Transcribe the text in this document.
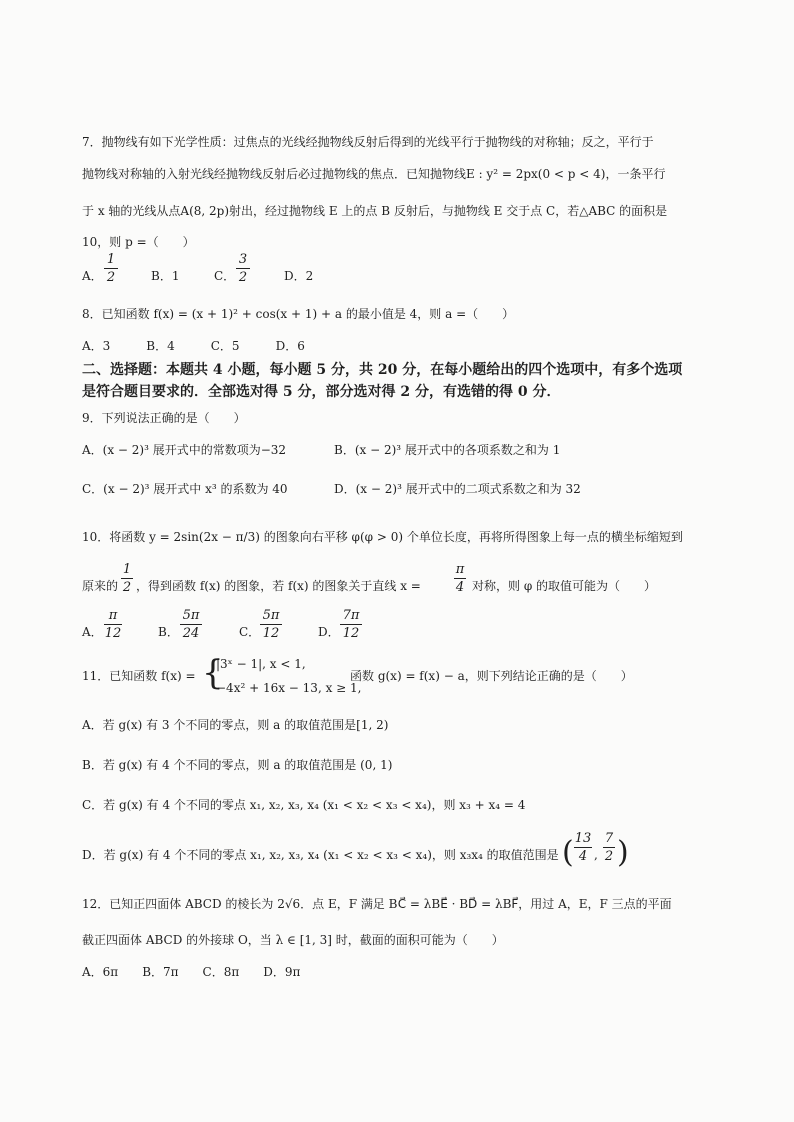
7．抛物线有如下光学性质：过焦点的光线经抛物线反射后得到的光线平行于抛物线的对称轴；反之，平行于
抛物线对称轴的入射光线经抛物线反射后必过抛物线的焦点．已知抛物线E : y² = 2px(0 < p < 4)，一条平行
于 x 轴的光线从点A(8, 2p)射出，经过抛物线 E 上的点 B 反射后，与抛物线 E 交于点 C，若△ABC 的面积是
10，则 p =（　　）
A．
1
2	B．1	C．
3
2	D．2
8．已知函数 f(x) = (x + 1)² + cos(x + 1) + a 的最小值是 4，则 a =（　　）
A．3　　　B．4　　　C．5　　　D．6
二、选择题：本题共 4 小题，每小题 5 分，共 20 分，在每小题给出的四个选项中，有多个选项
是符合题目要求的．全部选对得 5 分，部分选对得 2 分，有选错的得 0 分．
9．下列说法正确的是（　　）
A．(x − 2)³ 展开式中的常数项为−32	B．(x − 2)³ 展开式中的各项系数之和为 1
C．(x − 2)³ 展开式中 x³ 的系数为 40	D．(x − 2)³ 展开式中的二项式系数之和为 32
10．将函数 y = 2sin(2x − π/3) 的图象向右平移 φ(φ > 0) 个单位长度，再将所得图象上每一点的横坐标缩短到
原来的
1
2 ，得到函数 f(x) 的图象，若 f(x) 的图象关于直线 x =
π
4 对称，则 φ 的取值可能为（　　）
A．
π
12	B．
5π
24	C．
5π
12	D．
7π
12
11．已知函数 f(x) = {
|3ˣ − 1|, x < 1,
−4x² + 16x − 13, x ≥ 1,
函数 g(x) = f(x) − a，则下列结论正确的是（　　）
A．若 g(x) 有 3 个不同的零点，则 a 的取值范围是[1, 2)
B．若 g(x) 有 4 个不同的零点，则 a 的取值范围是 (0, 1)
C．若 g(x) 有 4 个不同的零点 x₁, x₂, x₃, x₄ (x₁ < x₂ < x₃ < x₄)，则 x₃ + x₄ = 4
D．若 g(x) 有 4 个不同的零点 x₁, x₂, x₃, x₄ (x₁ < x₂ < x₃ < x₄)，则 x₃x₄ 的取值范围是 ( 13
4 ,
7
2 )
12．已知正四面体 ABCD 的棱长为 2√6．点 E，F 满足 BC⃗ = λBE⃗ · BD⃗ = λBF⃗，用过 A，E，F 三点的平面
截正四面体 ABCD 的外接球 O，当 λ ∈ [1, 3] 时，截面的面积可能为（　　）
A．6π　　B．7π　　C．8π　　D．9π
